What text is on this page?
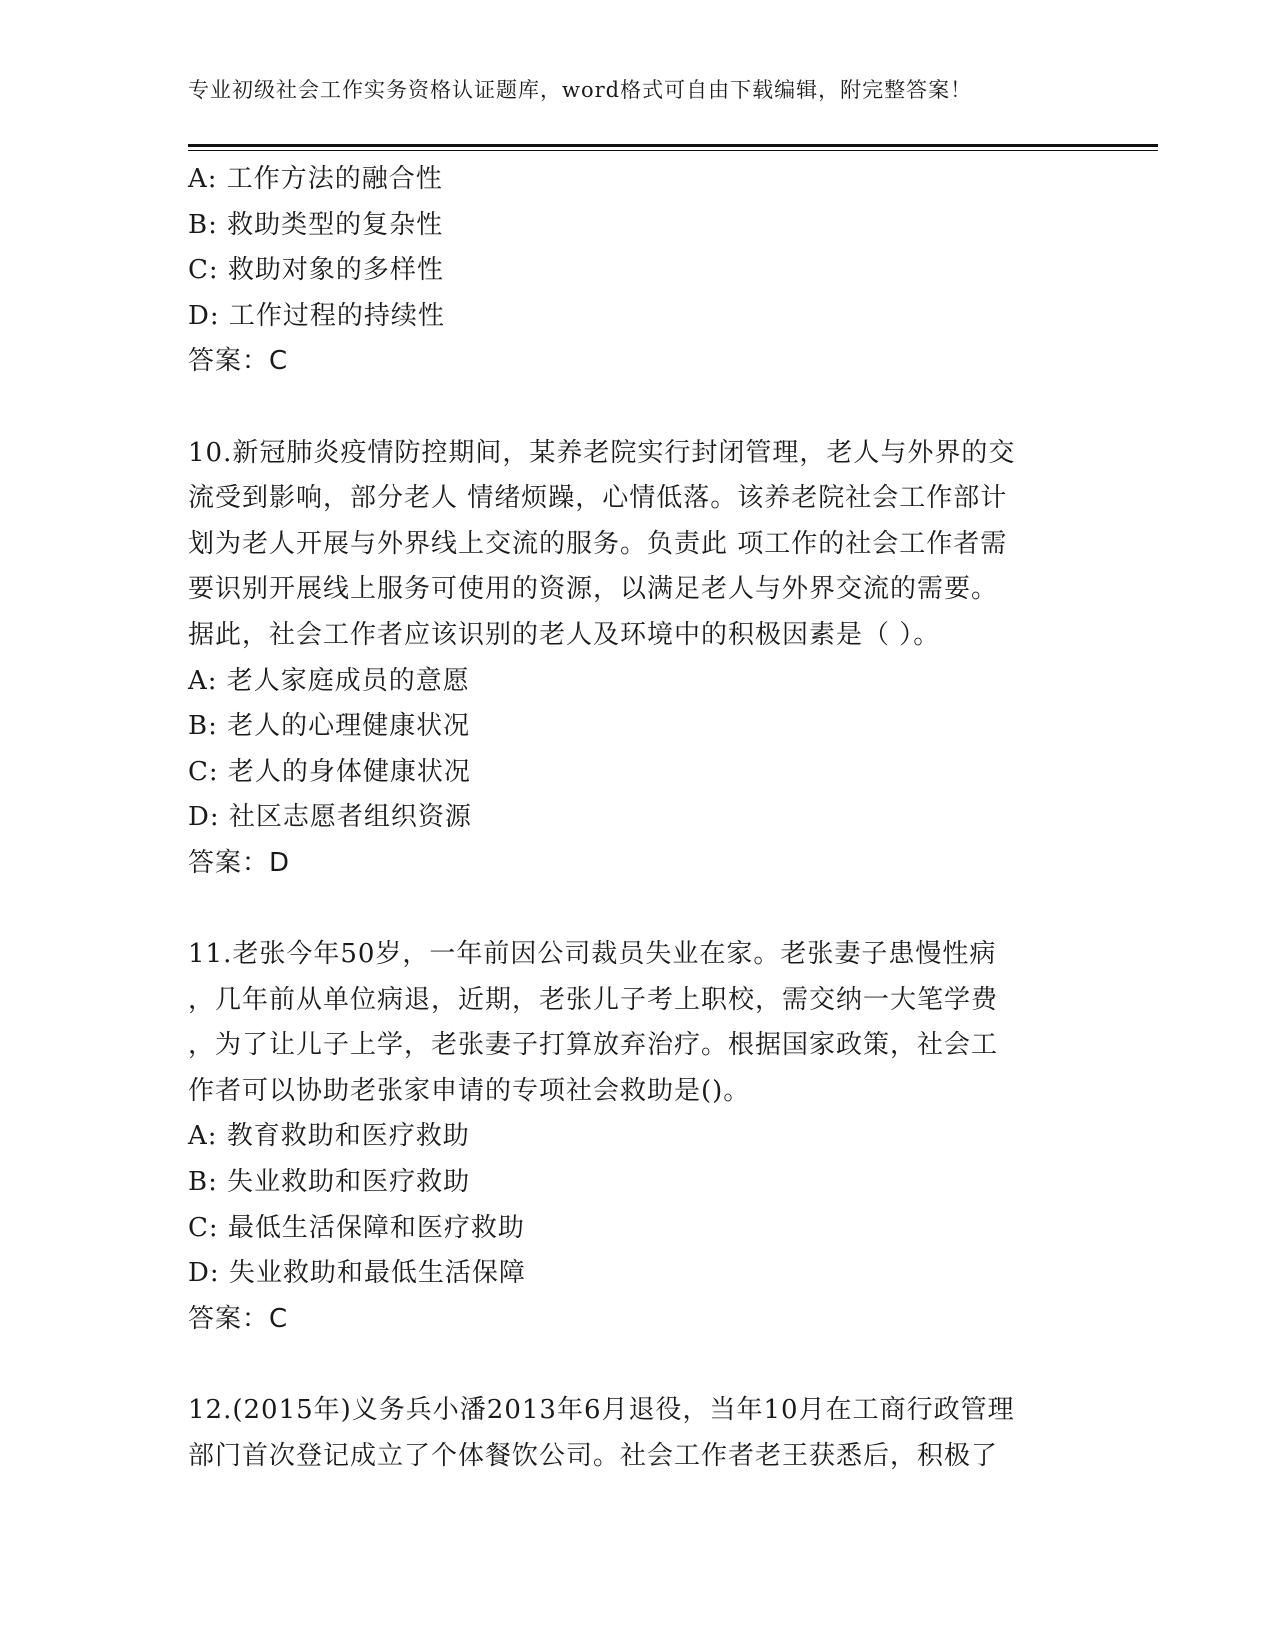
专业初级社会工作实务资格认证题库，word格式可自由下载编辑，附完整答案！
A: 工作方法的融合性
B: 救助类型的复杂性
C: 救助对象的多样性
D: 工作过程的持续性
答案：C
10.新冠肺炎疫情防控期间，某养老院实行封闭管理，老人与外界的交
流受到影响，部分老人 情绪烦躁，心情低落。该养老院社会工作部计
划为老人开展与外界线上交流的服务。负责此 项工作的社会工作者需
要识别开展线上服务可使用的资源，以满足老人与外界交流的需要。
据此，社会工作者应该识别的老人及环境中的积极因素是（ ）。
A: 老人家庭成员的意愿
B: 老人的心理健康状况
C: 老人的身体健康状况
D: 社区志愿者组织资源
答案：D
11.老张今年50岁，一年前因公司裁员失业在家。老张妻子患慢性病
，几年前从单位病退，近期，老张儿子考上职校，需交纳一大笔学费
，为了让儿子上学，老张妻子打算放弃治疗。根据国家政策，社会工
作者可以协助老张家申请的专项社会救助是()。
A: 教育救助和医疗救助
B: 失业救助和医疗救助
C: 最低生活保障和医疗救助
D: 失业救助和最低生活保障
答案：C
12.(2015年)义务兵小潘2013年6月退役，当年10月在工商行政管理
部门首次登记成立了个体餐饮公司。社会工作者老王获悉后，积极了
